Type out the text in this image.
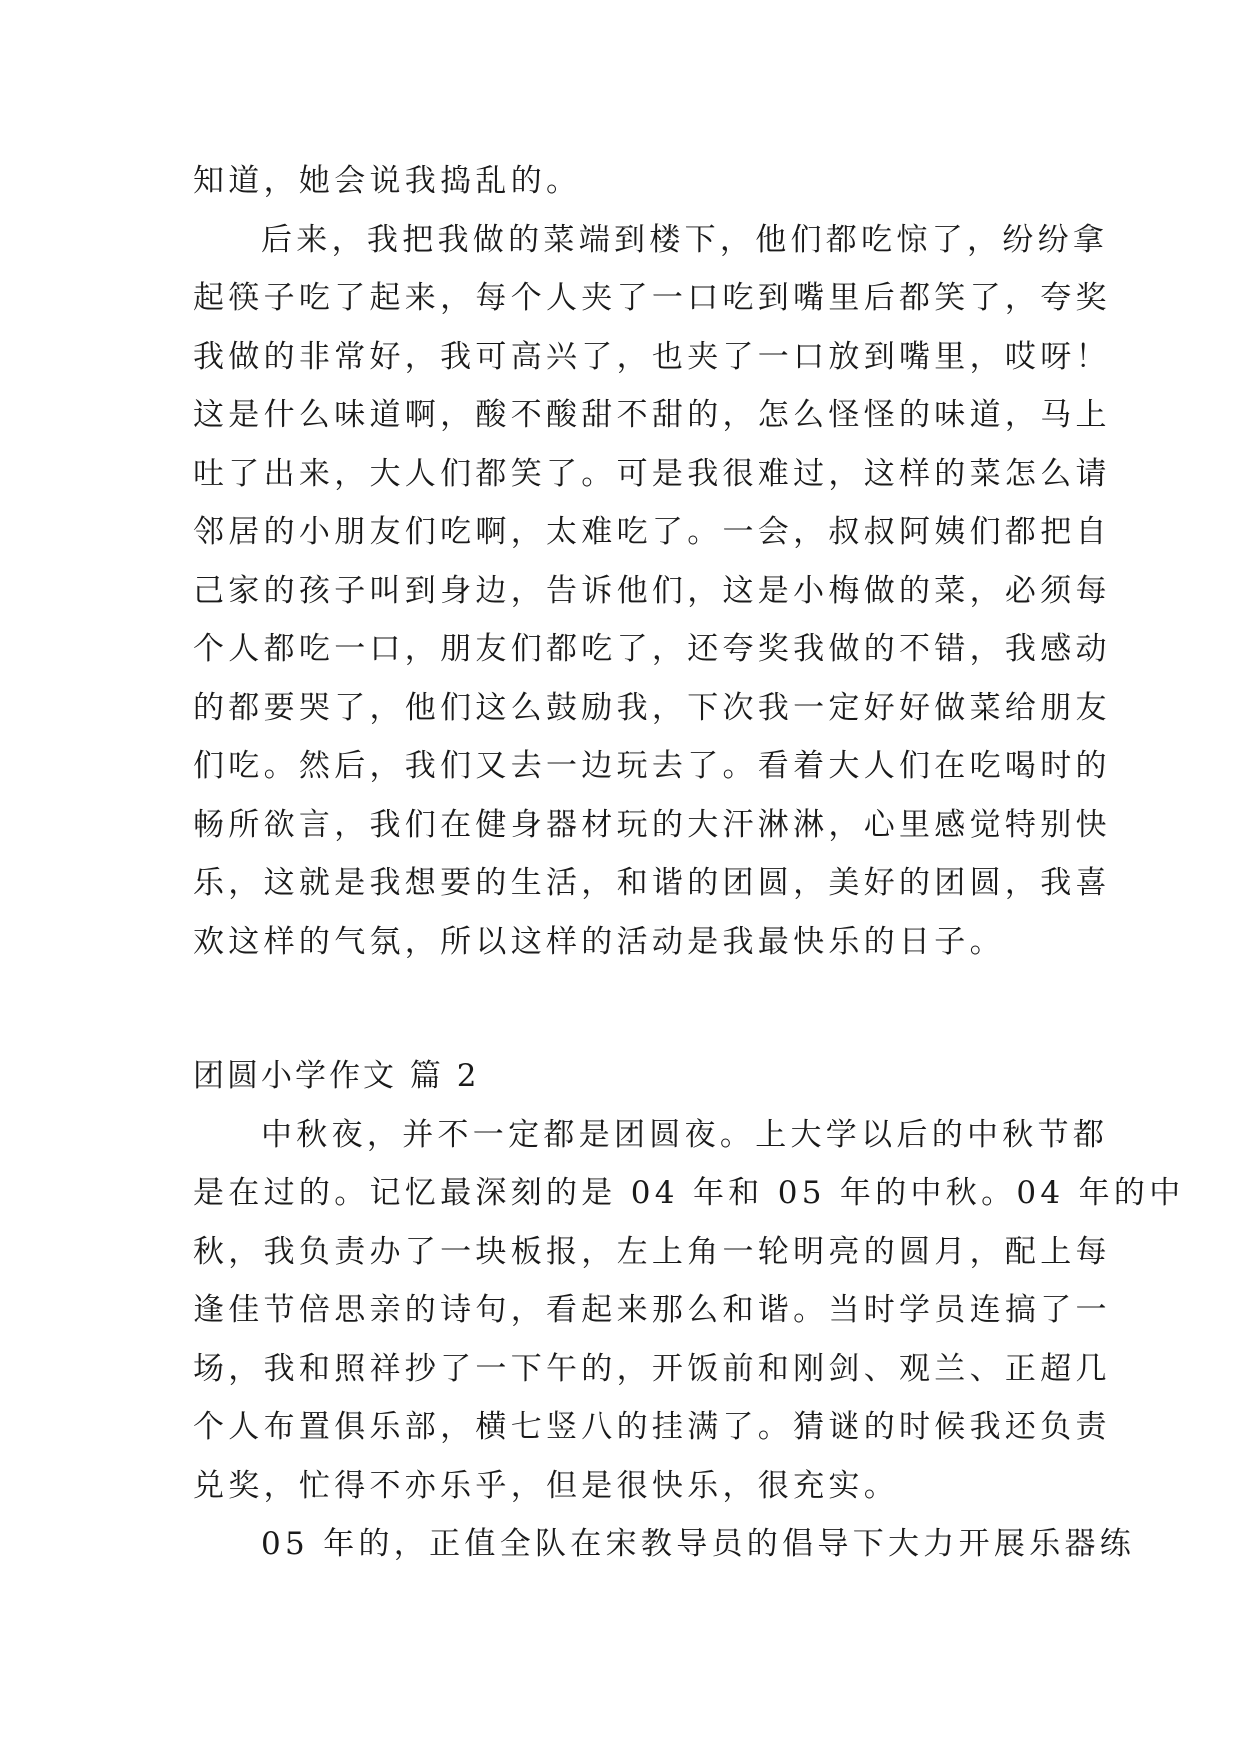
知道，她会说我捣乱的。
后来，我把我做的菜端到楼下，他们都吃惊了，纷纷拿
起筷子吃了起来，每个人夹了一口吃到嘴里后都笑了，夸奖
我做的非常好，我可高兴了，也夹了一口放到嘴里，哎呀！
这是什么味道啊，酸不酸甜不甜的，怎么怪怪的味道，马上
吐了出来，大人们都笑了。可是我很难过，这样的菜怎么请
邻居的小朋友们吃啊，太难吃了。一会，叔叔阿姨们都把自
己家的孩子叫到身边，告诉他们，这是小梅做的菜，必须每
个人都吃一口，朋友们都吃了，还夸奖我做的不错，我感动
的都要哭了，他们这么鼓励我，下次我一定好好做菜给朋友
们吃。然后，我们又去一边玩去了。看着大人们在吃喝时的
畅所欲言，我们在健身器材玩的大汗淋淋，心里感觉特别快
乐，这就是我想要的生活，和谐的团圆，美好的团圆，我喜
欢这样的气氛，所以这样的活动是我最快乐的日子。
团圆小学作文 篇 2
中秋夜，并不一定都是团圆夜。上大学以后的中秋节都
是在过的。记忆最深刻的是 04 年和 05 年的中秋。04 年的中
秋，我负责办了一块板报，左上角一轮明亮的圆月，配上每
逢佳节倍思亲的诗句，看起来那么和谐。当时学员连搞了一
场，我和照祥抄了一下午的，开饭前和刚剑、观兰、正超几
个人布置俱乐部，横七竖八的挂满了。猜谜的时候我还负责
兑奖，忙得不亦乐乎，但是很快乐，很充实。
05 年的，正值全队在宋教导员的倡导下大力开展乐器练
